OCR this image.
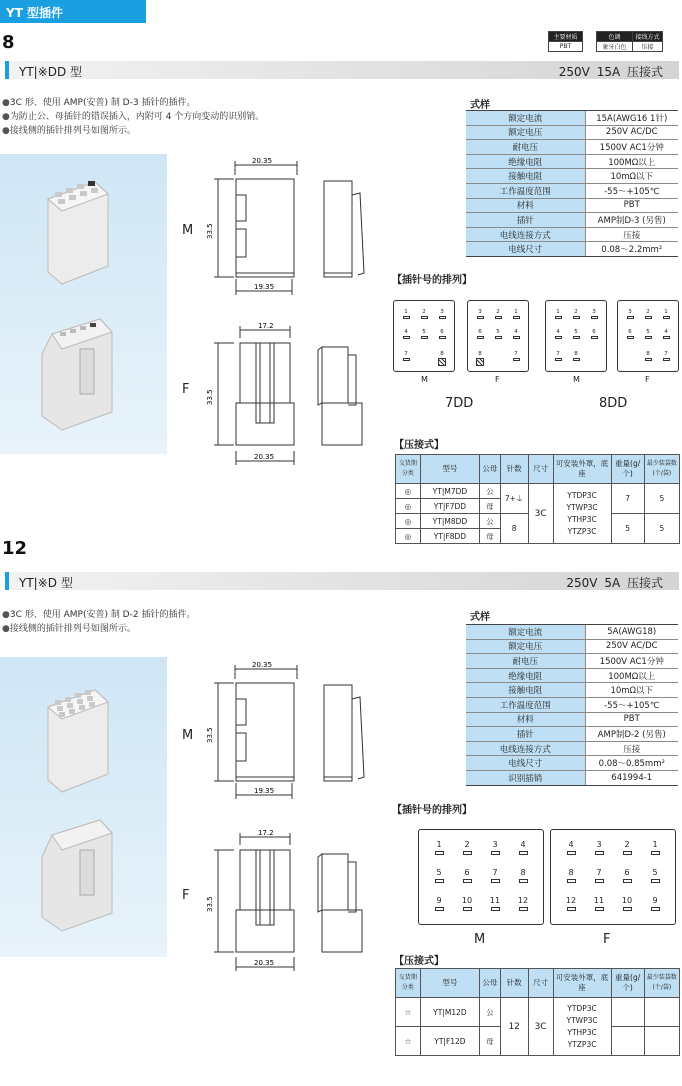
YT 型插件
8	主要材质		色调	接线方式
PBT		象牙白色	压接
YT|※DD 型	250V 15A 压接式
●3C 形、使用 AMP(安普) 制 D-3 插针的插件。
●为防止公、母插针的错误插入，内附可 4 个方向变动的识别销。
●接线侧的插针排列号如图所示。
式样
额定电流	15A(AWG16 1针)
额定电压	250V AC/DC
耐电压	1500V AC1分钟
绝缘电阻	100MΩ以上
接触电阻	10mΩ以下
工作温度范围	-55～+105℃
材料	PBT
插针	AMP制D-3 (另售)
电线连接方式	压接
电线尺寸	0.08～2.2mm²
M
F
20.35
33.5
19.35
17.2
33.5
20.35
【插针号的排列】
1	2	3
4	5	6
7	8
3	2	1
6	5	4
8	7
1	2	3
4	5	6
7	8
3	2	1
6	5	4
8	7
M	F	M	F
7DD	8DD
【压接式】
交货期分类	型号	公母	针数	尺寸	可安装外罩，底座	重量(g/个)	最少装袋数(个/袋)
◎	YT|M7DD	公	7+⏚	3C	YTDP3C
YTWP3C
YTHP3C
YTZP3C	7	5
◎	YT|F7DD	母					
◎	YT|M8DD	公	8			5	5
◎	YT|F8DD	母					
12
YT|※D 型	250V 5A 压接式
●3C 形、使用 AMP(安普) 制 D-2 插针的插件。
●接线侧的插针排列号如图所示。
式样
额定电流	5A(AWG18)
额定电压	250V AC/DC
耐电压	1500V AC1分钟
绝缘电阻	100MΩ以上
接触电阻	10mΩ以下
工作温度范围	-55～+105℃
材料	PBT
插针	AMP制D-2 (另售)
电线连接方式	压接
电线尺寸	0.08～0.85mm²
识别插销	641994-1
M
F
20.35
33.5
19.35
17.2
33.5
20.35
【插针号的排列】
1	2	3	4
5	6	7	8
9	10	11	12
4	3	2	1
8	7	6	5
12	11	10	9
M	F
【压接式】
交货期分类	型号	公母	针数	尺寸	可安装外罩，底座	重量(g/个)	最少装袋数(个/袋)
☆	YT|M12D	公	12	3C	YTDP3C
YTWP3C
YTHP3C
YTZP3C		

☆	YT|F12D	母					
